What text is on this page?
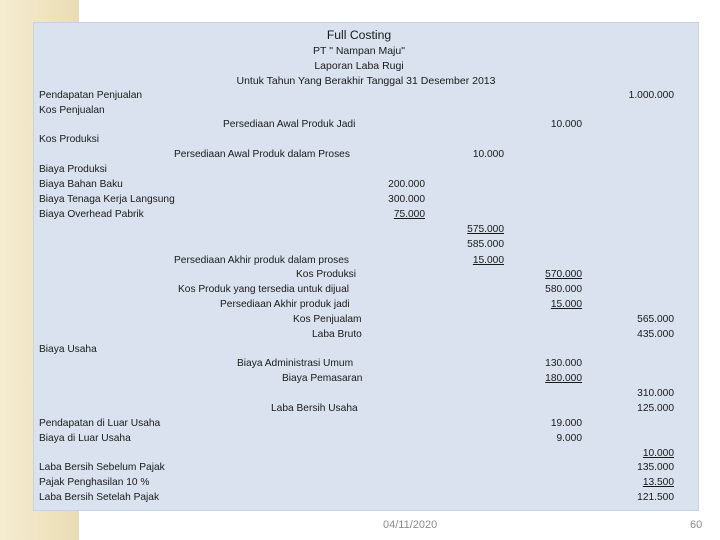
Full Costing
PT " Nampan Maju"
Laporan Laba Rugi
Untuk Tahun Yang Berakhir Tanggal 31 Desember 2013
Pendapatan Penjualan	1.000.000
Kos Penjualan
Persediaan Awal Produk Jadi	10.000
Kos Produksi
Persediaan Awal Produk dalam Proses	10.000
Biaya Produksi
Biaya Bahan Baku	200.000
Biaya Tenaga Kerja Langsung	300.000
Biaya Overhead Pabrik	75.000
575.000
585.000
Persediaan Akhir produk dalam proses	15.000
Kos Produksi	570.000
Kos Produk yang tersedia untuk dijual	580.000
Persediaan Akhir produk jadi	15.000
Kos Penjualam	565.000
Laba Bruto	435.000
Biaya Usaha
Biaya Administrasi Umum	130.000
Biaya Pemasaran	180.000
310.000
Laba Bersih Usaha	125.000
Pendapatan di Luar Usaha	19.000
Biaya di Luar Usaha	9.000
10.000
Laba Bersih Sebelum Pajak	135.000
Pajak Penghasilan 10 %	13.500
Laba Bersih Setelah Pajak	121.500
04/11/2020	60
